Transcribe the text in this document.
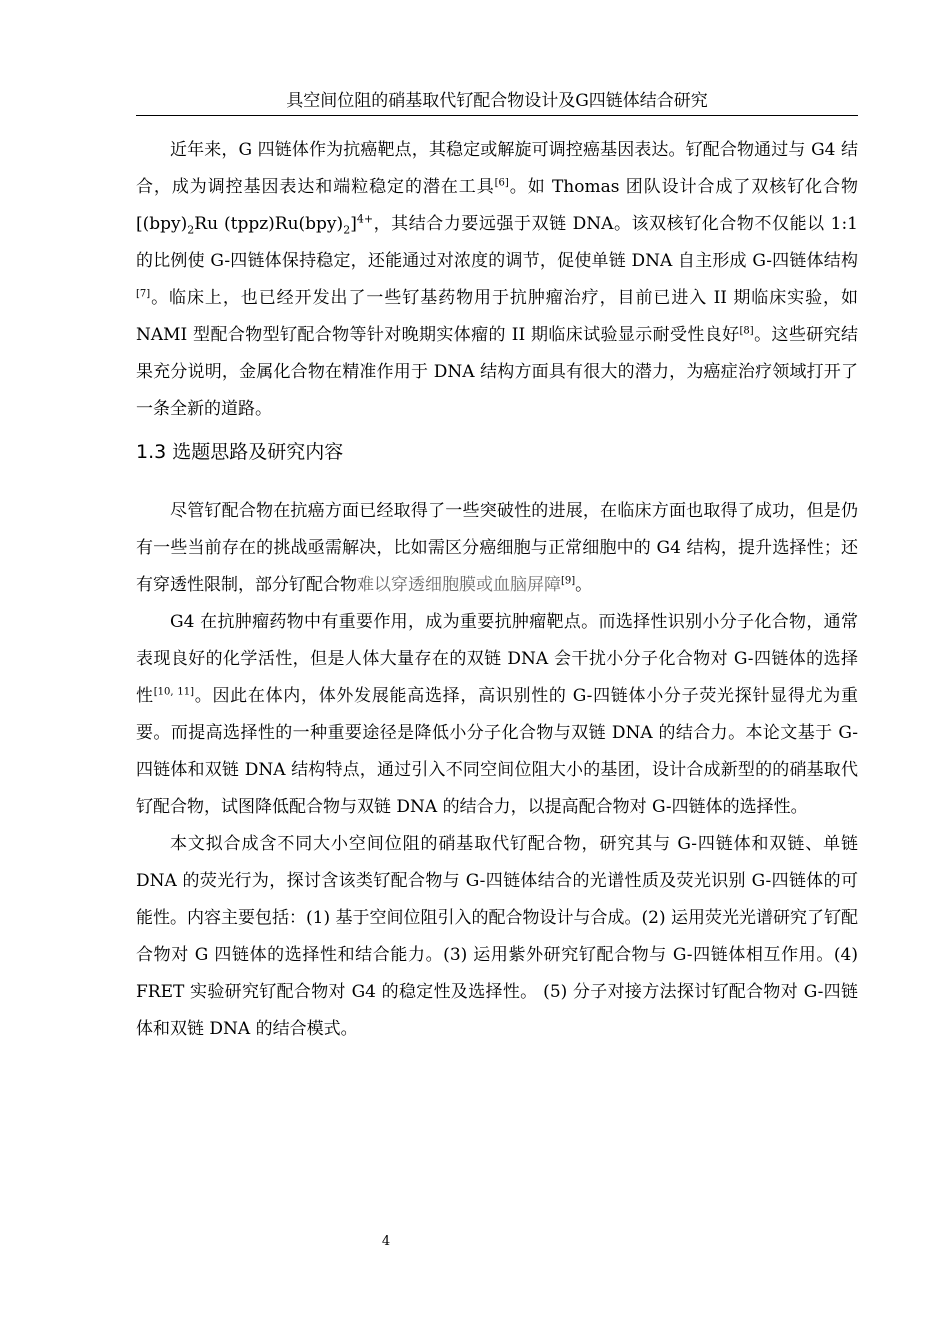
具空间位阻的硝基取代钌配合物设计及G四链体结合研究

近年来，G 四链体作为抗癌靶点，其稳定或解旋可调控癌基因表达。钌配合物通过与 G4 结合，成为调控基因表达和端粒稳定的潜在工具[6]。如 Thomas 团队设计合成了双核钌化合物 [$(bpy)_2Ru$ $(tppz)Ru(bpy)_2]^{4+}$，其结合力要远强于双链 DNA。该双核钌化合物不仅能以 1:1 的比例使 G-四链体保持稳定，还能通过对浓度的调节，促使单链 DNA 自主形成 G-四链体结构[7]。临床上，也已经开发出了一些钌基药物用于抗肿瘤治疗，目前已进入 II 期临床实验，如 NAMI 型配合物型钌配合物等针对晚期实体瘤的 II 期临床试验显示耐受性良好[8]。这些研究结果充分说明，金属化合物在精准作用于 DNA 结构方面具有很大的潜力，为癌症治疗领域打开了一条全新的道路。

1.3 选题思路及研究内容

尽管钌配合物在抗癌方面已经取得了一些突破性的进展，在临床方面也取得了成功，但是仍有一些当前存在的挑战亟需解决，比如需区分癌细胞与正常细胞中的 G4 结构，提升选择性；还有穿透性限制，部分钌配合物难以穿透细胞膜或血脑屏障[9]。

G4 在抗肿瘤药物中有重要作用，成为重要抗肿瘤靶点。而选择性识别小分子化合物，通常表现良好的化学活性，但是人体大量存在的双链 DNA 会干扰小分子化合物对 G-四链体的选择性[10, 11]。因此在体内，体外发展能高选择，高识别性的 G-四链体小分子荧光探针显得尤为重要。而提高选择性的一种重要途径是降低小分子化合物与双链 DNA 的结合力。本论文基于 G-四链体和双链 DNA 结构特点，通过引入不同空间位阻大小的基团，设计合成新型的的硝基取代钌配合物，试图降低配合物与双链 DNA 的结合力，以提高配合物对 G-四链体的选择性。

本文拟合成含不同大小空间位阻的硝基取代钌配合物，研究其与 G-四链体和双链、单链 DNA 的荧光行为，探讨含该类钌配合物与 G-四链体结合的光谱性质及荧光识别 G-四链体的可能性。内容主要包括：(1) 基于空间位阻引入的配合物设计与合成。(2) 运用荧光光谱研究了钌配合物对 G 四链体的选择性和结合能力。(3) 运用紫外研究钌配合物与 G-四链体相互作用。(4) FRET 实验研究钌配合物对 G4 的稳定性及选择性。 (5) 分子对接方法探讨钌配合物对 G-四链体和双链 DNA 的结合模式。

4
